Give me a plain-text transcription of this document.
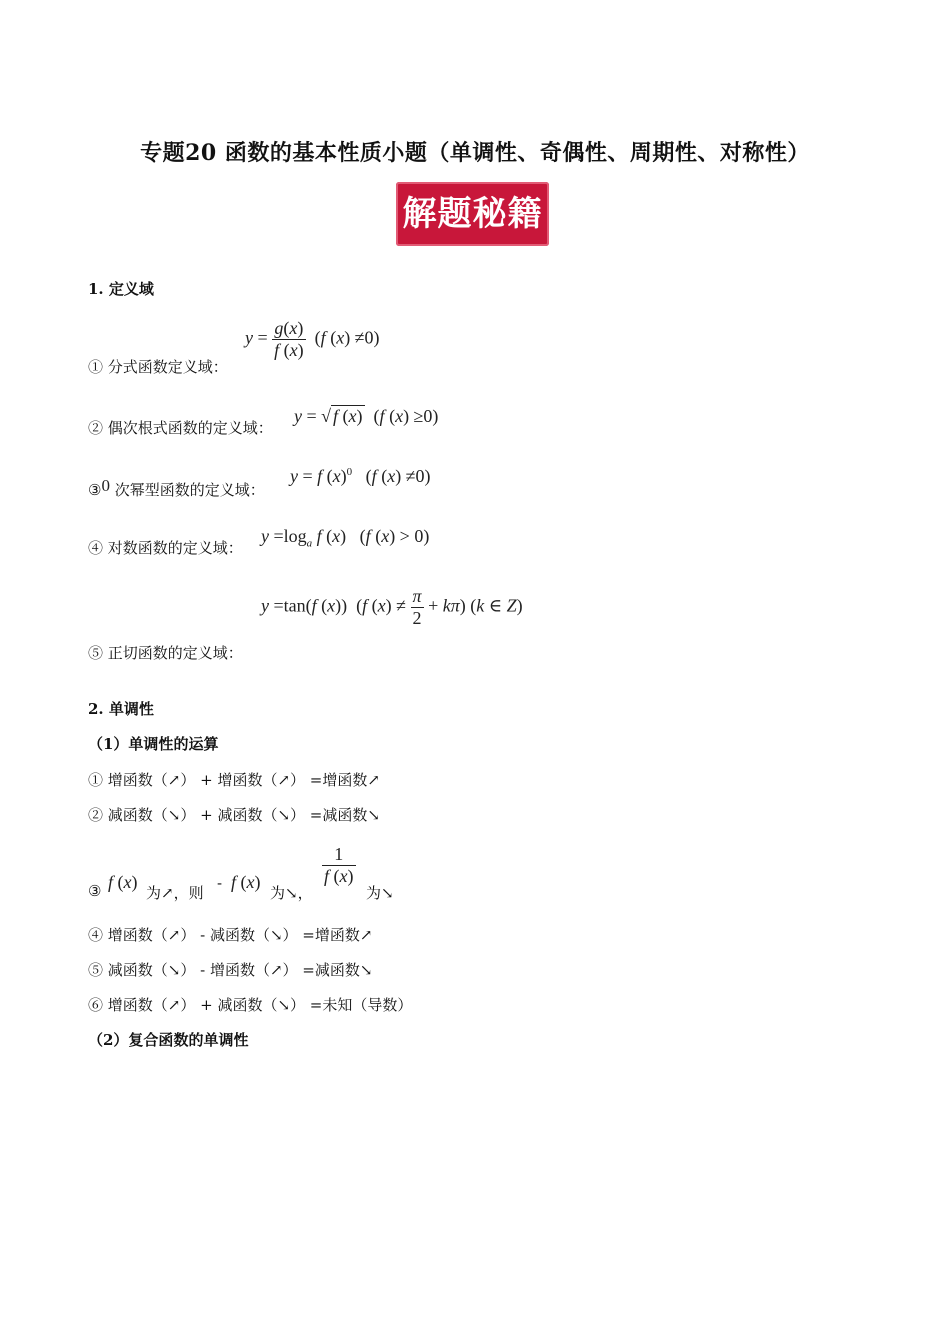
专题20 函数的基本性质小题（单调性、奇偶性、周期性、对称性）
解题秘籍
1. 定义域
$y = \frac{g(x)}{f (x)} (f$ (x) ≠0)
① 分式函数定义域：
② 偶次根式函数的定义域：
y = √ f (x)  (f (x) ≥0)
③0 次幂型函数的定义域：
y = f $(x)^0$   (f (x) ≠0)
④ 对数函数的定义域：
$y =\log_a$ f (x)   (f (x) > 0)
y =tan(f (x))  (f $(x) \ne \frac{\pi}{2} + k\pi$) (k ∈ Z)
⑤ 正切函数的定义域：
2. 单调性
（1）单调性的运算
① 增函数（↗） + 增函数（↗） =增函数↗
② 减函数（↘） + 减函数（↘） =减函数↘
③ f (x)
为↗，则
- f (x)
为↘，
$\frac{1}{f (x)}$
为↘
④ 增函数（↗） - 减函数（↘） =增函数↗
⑤ 减函数（↘） - 增函数（↗） =减函数↘
⑥ 增函数（↗） + 减函数（↘） =未知（导数）
（2）复合函数的单调性
